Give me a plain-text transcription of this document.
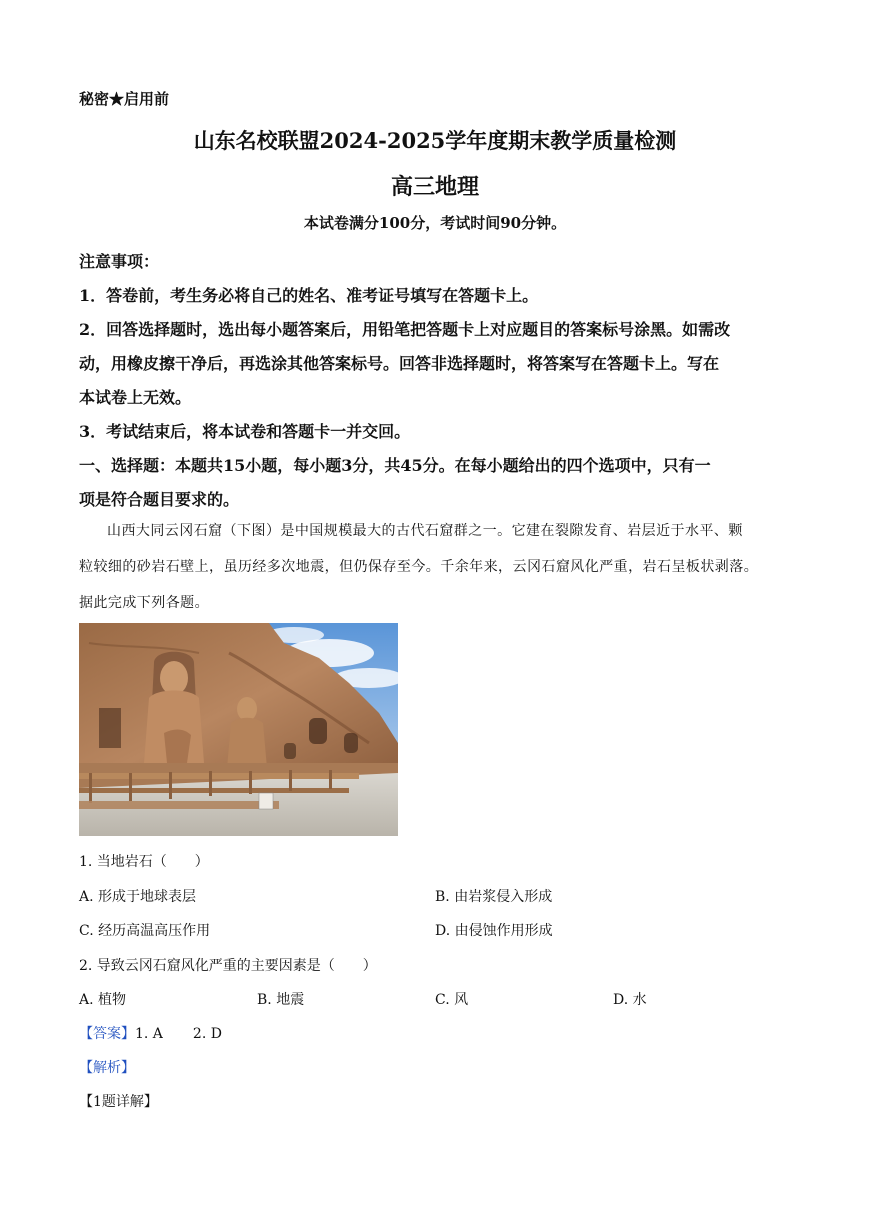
秘密★启用前
山东名校联盟2024-2025学年度期末教学质量检测
高三地理
本试卷满分100分，考试时间90分钟。
注意事项：
1．答卷前，考生务必将自己的姓名、准考证号填写在答题卡上。
2．回答选择题时，选出每小题答案后，用铅笔把答题卡上对应题目的答案标号涂黑。如需改
动，用橡皮擦干净后，再选涂其他答案标号。回答非选择题时，将答案写在答题卡上。写在
本试卷上无效。
3．考试结束后，将本试卷和答题卡一并交回。
一、选择题：本题共15小题，每小题3分，共45分。在每小题给出的四个选项中，只有一
项是符合题目要求的。
山西大同云冈石窟（下图）是中国规模最大的古代石窟群之一。它建在裂隙发育、岩层近于水平、颗
粒较细的砂岩石壁上，虽历经多次地震，但仍保存至今。千余年来，云冈石窟风化严重，岩石呈板状剥落。
据此完成下列各题。
1. 当地岩石（　　）
A. 形成于地球表层	B. 由岩浆侵入形成
C. 经历高温高压作用	D. 由侵蚀作用形成
2. 导致云冈石窟风化严重的主要因素是（　　）
A. 植物	B. 地震	C. 风	D. 水
【答案】1. A 2. D
【解析】
【1题详解】
